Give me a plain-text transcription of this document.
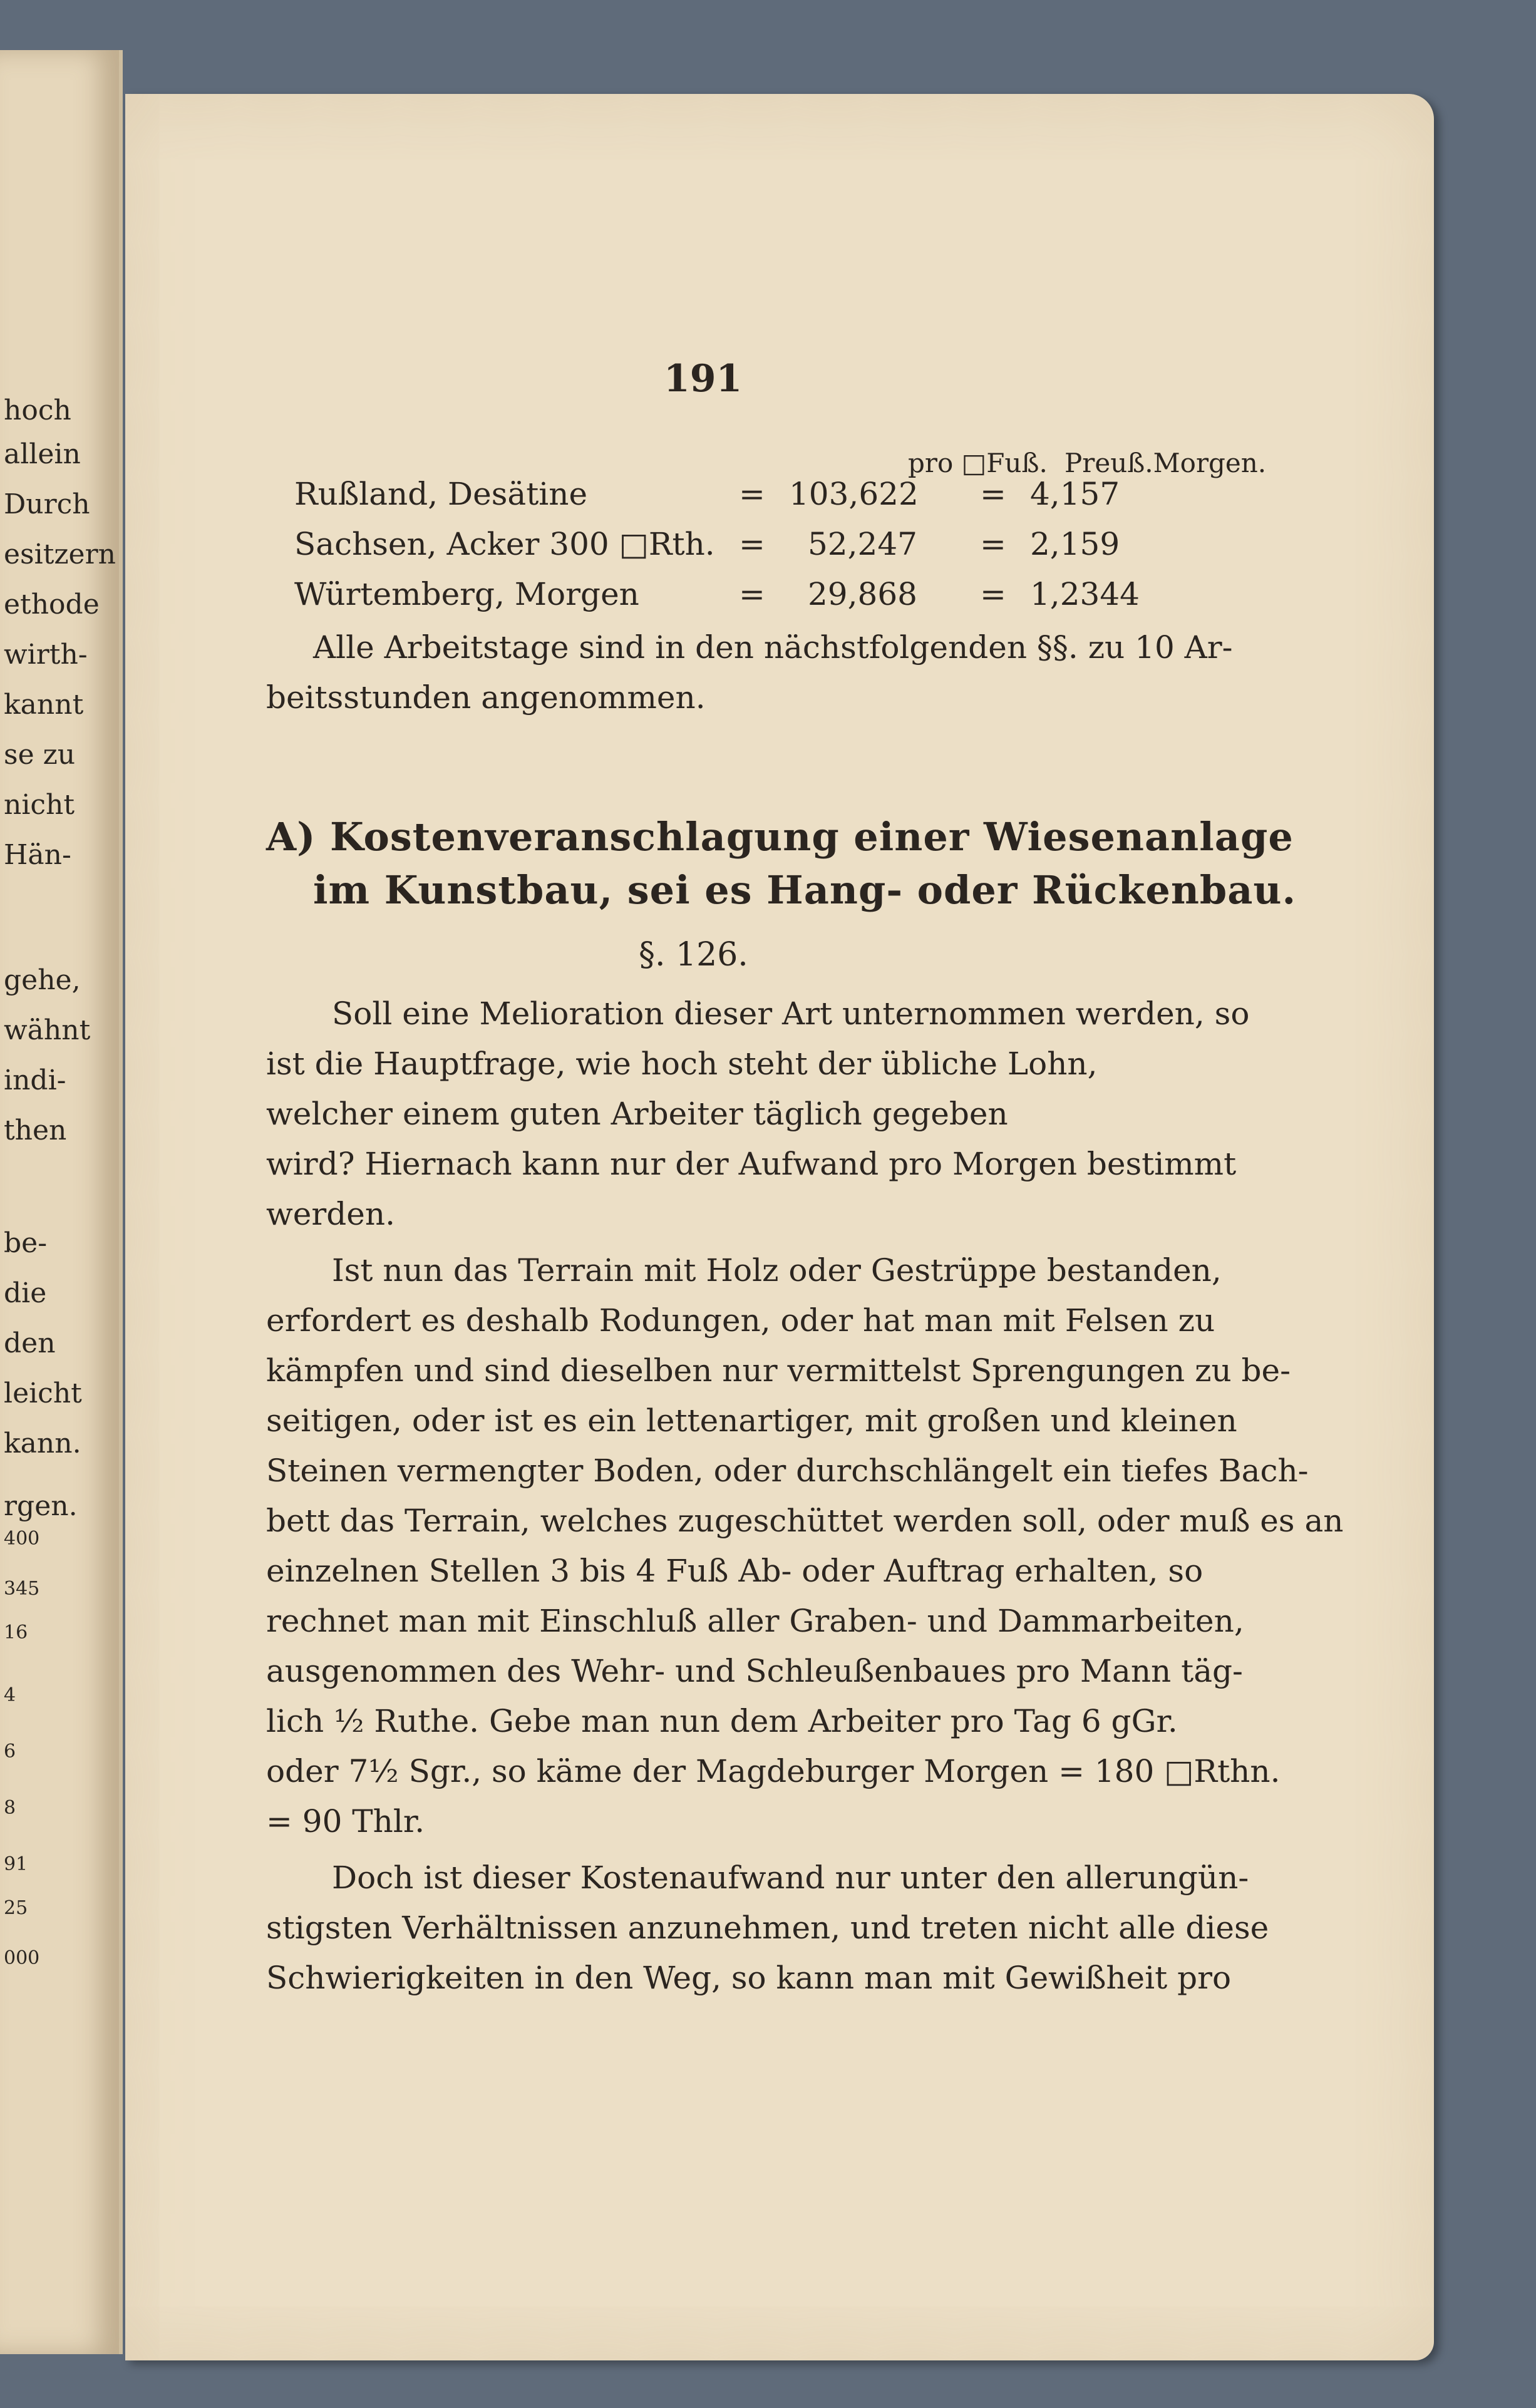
hoch
allein
Durch
esitzern
ethode
wirth-
kannt
se zu
nicht
Hän-
gehe,
wähnt
indi-
then
be-
die
den
leicht
kann.
rgen.
400
345
16
4
6
8
91
25
000
191
pro □Fuß. Preuß.Morgen.
Rußland, Desätine	= 103,622 = 4,157
Sachsen, Acker 300 □Rth. = 52,247 = 2,159
Würtemberg, Morgen	= 29,868 = 1,2344
Alle Arbeitstage sind in den nächstfolgenden §§. zu 10 Ar-
beitsstunden angenommen.
A) Kostenveranschlagung einer Wiesenanlage
im Kunstbau, sei es Hang- oder Rückenbau.
§. 126.
Soll eine Melioration dieser Art unternommen werden, so
ist die Hauptfrage, wie hoch steht der übliche Lohn,
welcher einem guten Arbeiter täglich gegeben
wird? Hiernach kann nur der Aufwand pro Morgen bestimmt
werden.
Ist nun das Terrain mit Holz oder Gestrüppe bestanden,
erfordert es deshalb Rodungen, oder hat man mit Felsen zu
kämpfen und sind dieselben nur vermittelst Sprengungen zu be-
seitigen, oder ist es ein lettenartiger, mit großen und kleinen
Steinen vermengter Boden, oder durchschlängelt ein tiefes Bach-
bett das Terrain, welches zugeschüttet werden soll, oder muß es an
einzelnen Stellen 3 bis 4 Fuß Ab- oder Auftrag erhalten, so
rechnet man mit Einschluß aller Graben- und Dammarbeiten,
ausgenommen des Wehr- und Schleußenbaues pro Mann täg-
lich ½ Ruthe. Gebe man nun dem Arbeiter pro Tag 6 gGr.
oder 7½ Sgr., so käme der Magdeburger Morgen = 180 □Rthn.
= 90 Thlr.
Doch ist dieser Kostenaufwand nur unter den allerungün-
stigsten Verhältnissen anzunehmen, und treten nicht alle diese
Schwierigkeiten in den Weg, so kann man mit Gewißheit pro
